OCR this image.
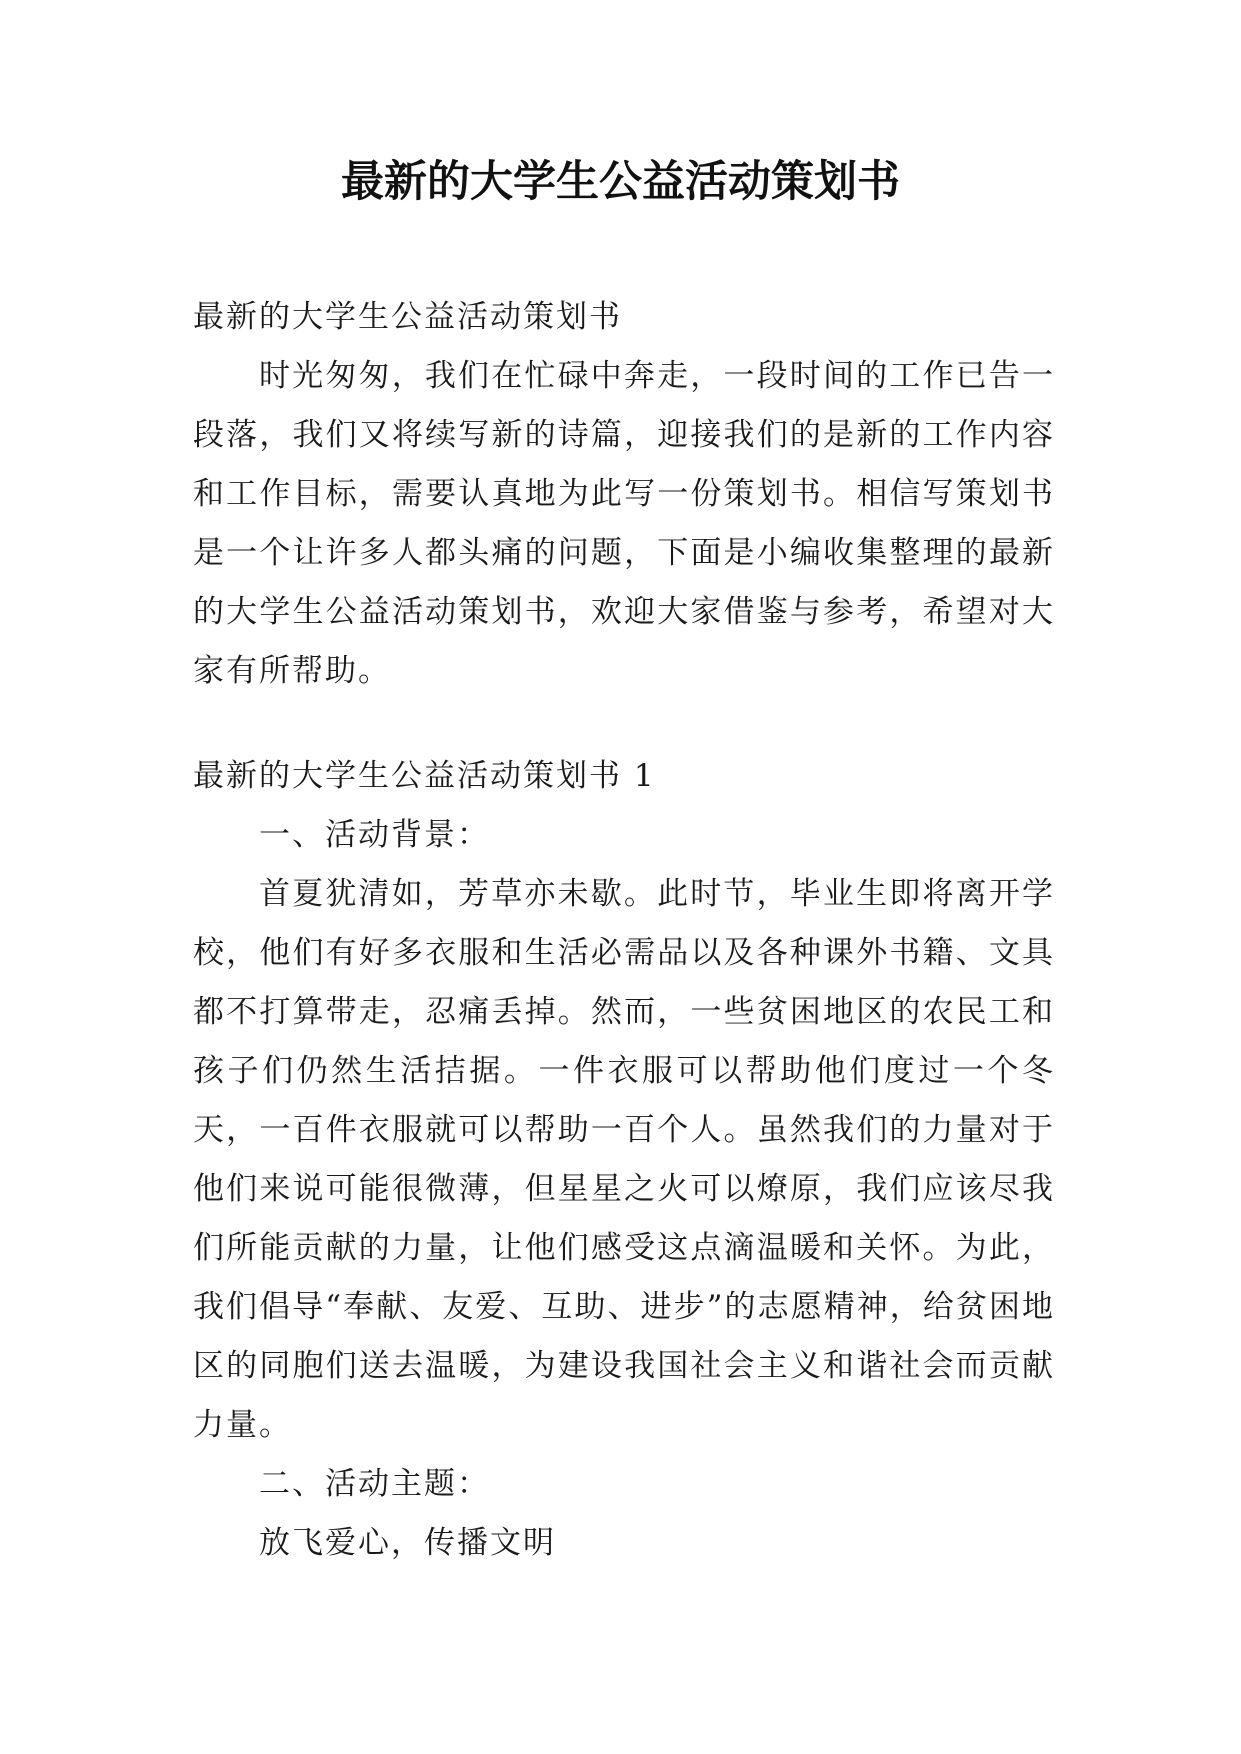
最新的大学生公益活动策划书

最新的大学生公益活动策划书

时光匆匆，我们在忙碌中奔走，一段时间的工作已告一段落，我们又将续写新的诗篇，迎接我们的是新的工作内容和工作目标，需要认真地为此写一份策划书。相信写策划书是一个让许多人都头痛的问题，下面是小编收集整理的最新的大学生公益活动策划书，欢迎大家借鉴与参考，希望对大家有所帮助。

最新的大学生公益活动策划书 1

一、活动背景：

首夏犹清如，芳草亦未歇。此时节，毕业生即将离开学校，他们有好多衣服和生活必需品以及各种课外书籍、文具都不打算带走，忍痛丢掉。然而，一些贫困地区的农民工和孩子们仍然生活拮据。一件衣服可以帮助他们度过一个冬天，一百件衣服就可以帮助一百个人。虽然我们的力量对于他们来说可能很微薄，但星星之火可以燎原，我们应该尽我们所能贡献的力量，让他们感受这点滴温暖和关怀。为此，我们倡导“奉献、友爱、互助、进步”的志愿精神，给贫困地区的同胞们送去温暖，为建设我国社会主义和谐社会而贡献力量。

二、活动主题：

放飞爱心，传播文明
